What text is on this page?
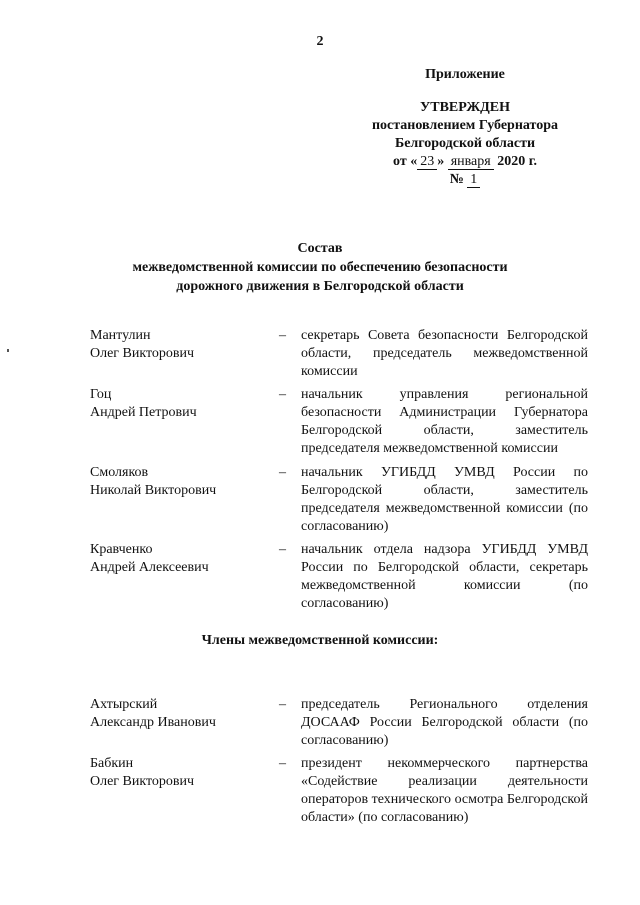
2
Приложение
УТВЕРЖДЕН
постановлением Губернатора
Белгородской области
от « 23 » января 2020 г.
№ 1
Состав
межведомственной комиссии по обеспечению безопасности
дорожного движения в Белгородской области
Мантулин
Олег Викторович
– секретарь Совета безопасности Белгородской области, председатель межведомственной комиссии
Гоц
Андрей Петрович
– начальник управления региональной безопасности Администрации Губернатора Белгородской области, заместитель председателя межведомственной комиссии
Смоляков
Николай Викторович
– начальник УГИБДД УМВД России по Белгородской области, заместитель председателя межведомственной комиссии (по согласованию)
Кравченко
Андрей Алексеевич
– начальник отдела надзора УГИБДД УМВД России по Белгородской области, секретарь межведомственной комиссии (по согласованию)
Члены межведомственной комиссии:
Ахтырский
Александр Иванович
– председатель Регионального отделения ДОСААФ России Белгородской области (по согласованию)
Бабкин
Олег Викторович
– президент некоммерческого партнерства «Содействие реализации деятельности операторов технического осмотра Белгородской области» (по согласованию)
